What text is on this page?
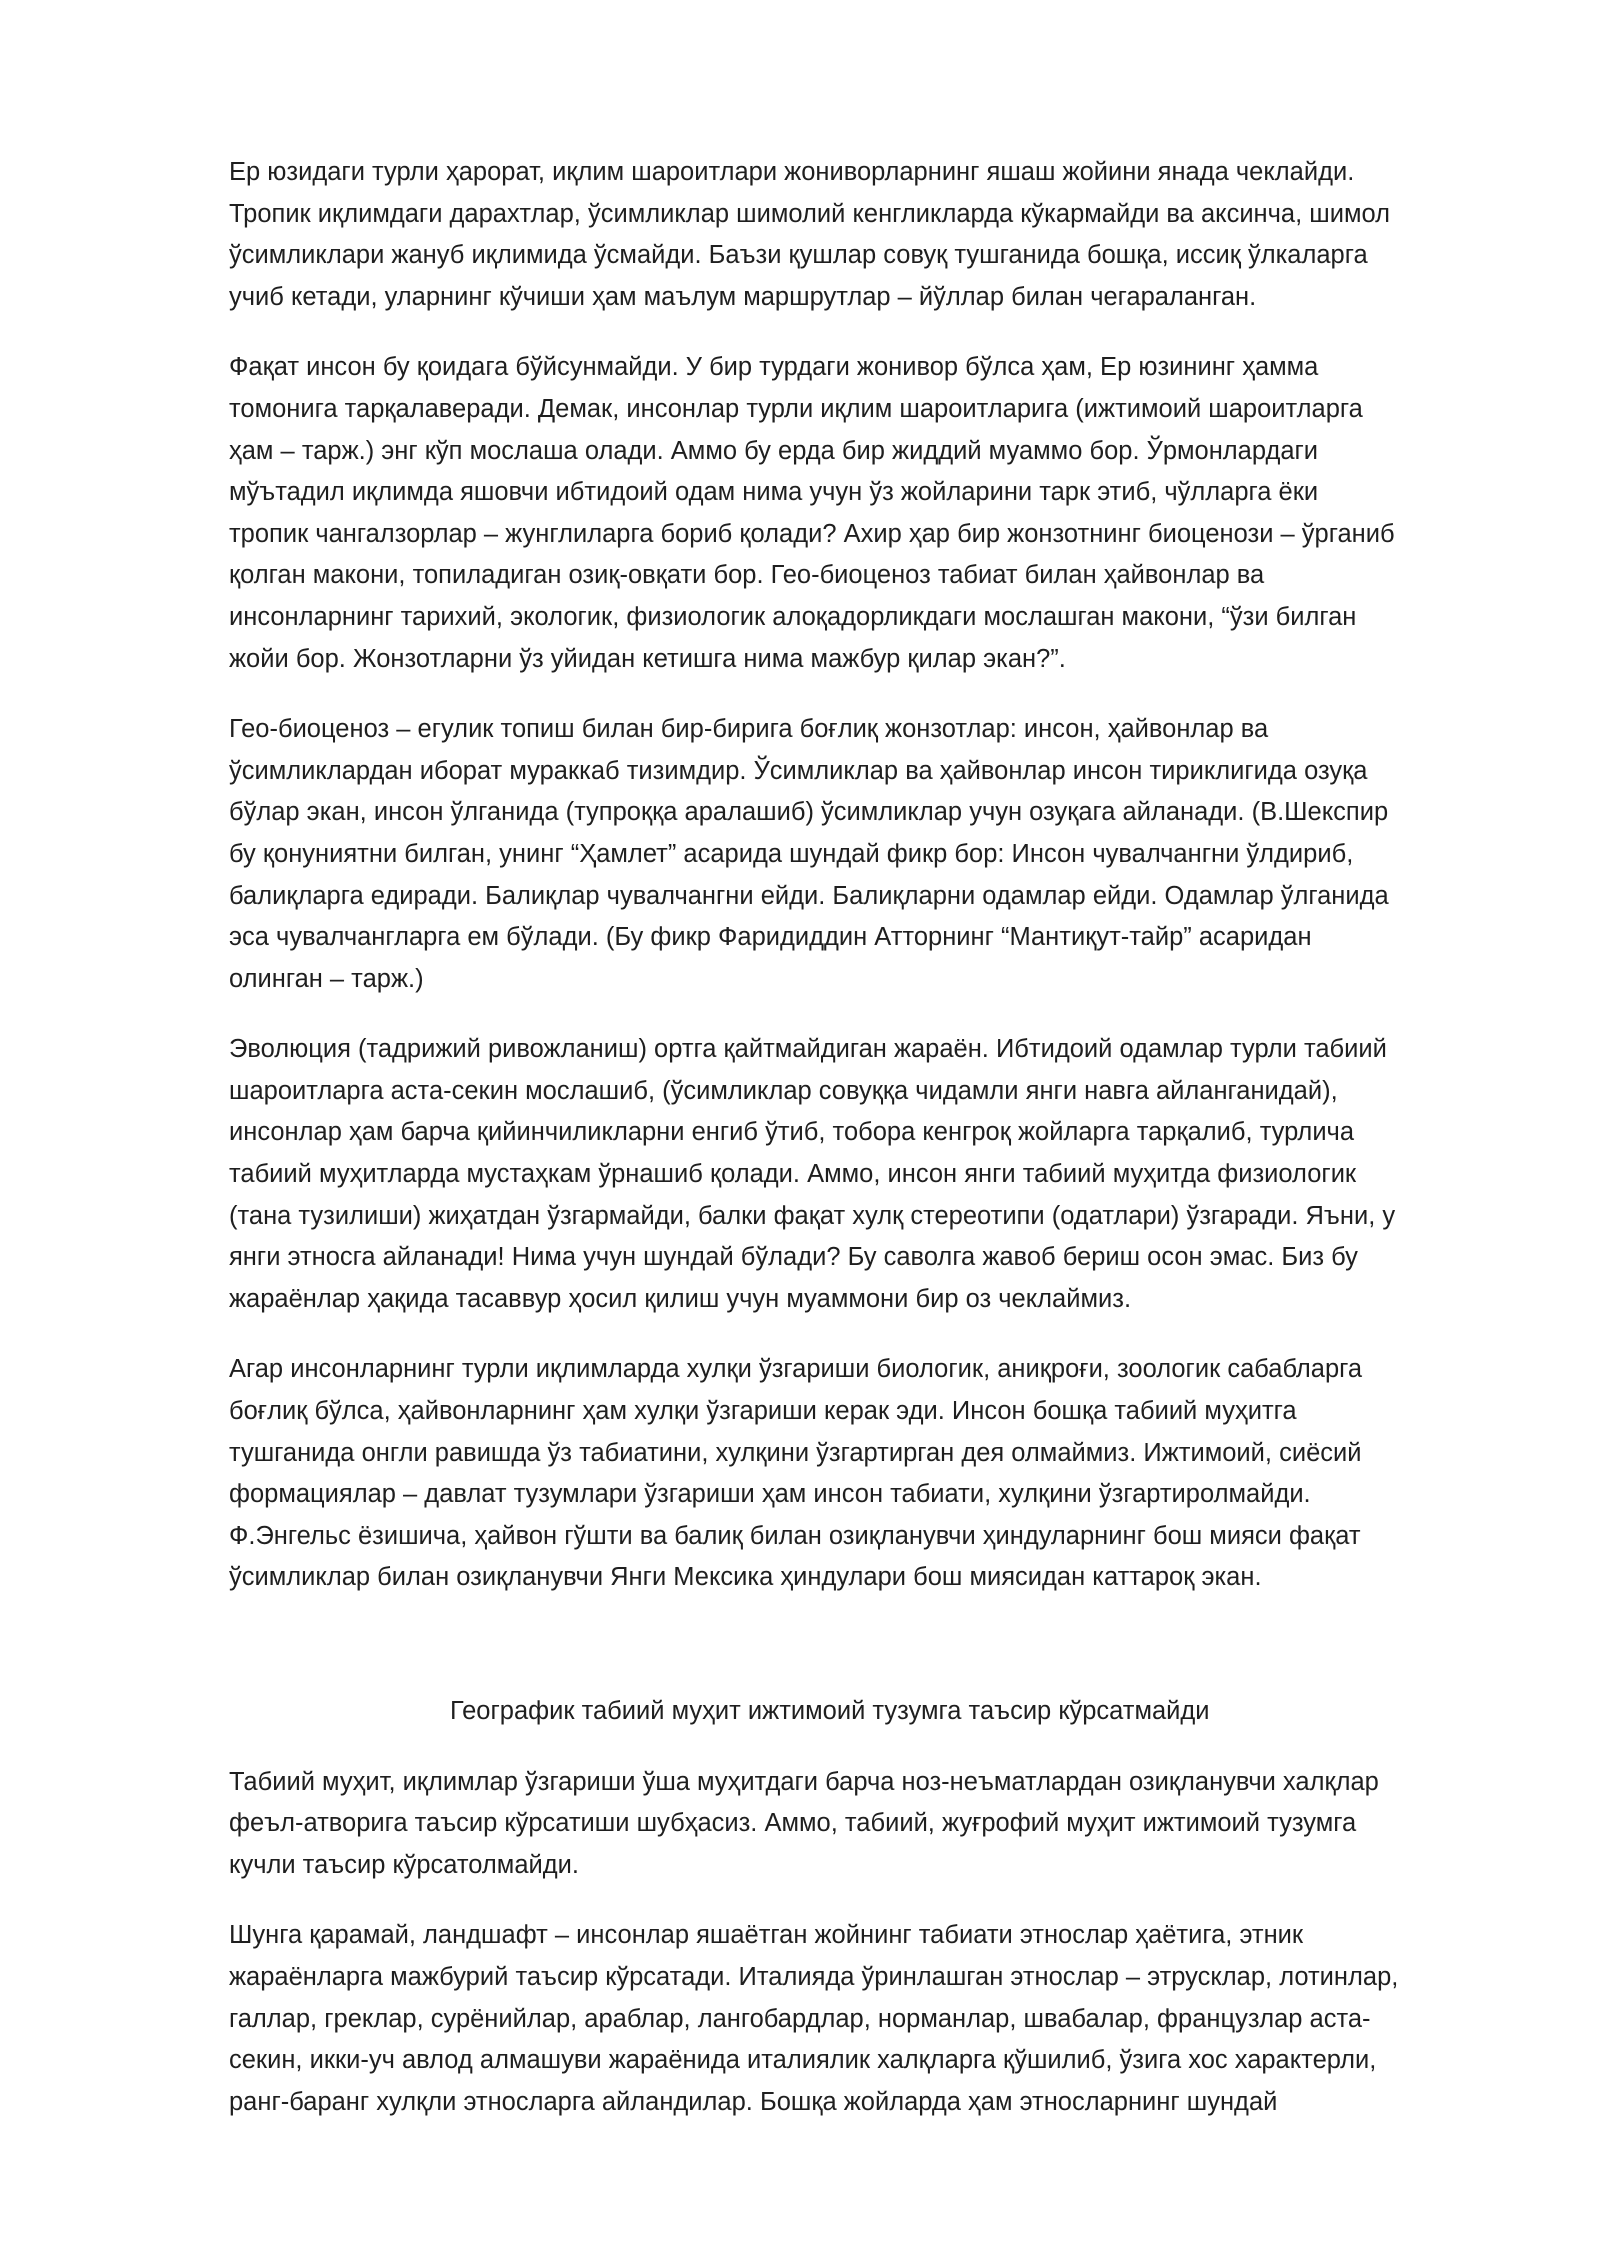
Ер юзидаги турли ҳарорат, иқлим шароитлари жониворларнинг яшаш жойини янада чеклайди.
Тропик иқлимдаги дарахтлар, ўсимликлар шимолий кенгликларда кўкармайди ва аксинча, шимол
ўсимликлари жануб иқлимида ўсмайди. Баъзи қушлар совуқ тушганида бошқа, иссиқ ўлкаларга
учиб кетади, уларнинг кўчиши ҳам маълум маршрутлар – йўллар билан чегараланган.

Фақат инсон бу қоидага бўйсунмайди. У бир турдаги жонивор бўлса ҳам, Ер юзининг ҳамма
томонига тарқалаверади. Демак, инсонлар турли иқлим шароитларига (ижтимоий шароитларга
ҳам – тарж.) энг кўп мослаша олади. Аммо бу ерда бир жиддий муаммо бор. Ўрмонлардаги
мўътадил иқлимда яшовчи ибтидоий одам нима учун ўз жойларини тарк этиб, чўлларга ёки
тропик чангалзорлар – жунглиларга бориб қолади? Ахир ҳар бир жонзотнинг биоценози – ўрганиб
қолган макони, топиладиган озиқ-овқати бор. Гео-биоценоз табиат билан ҳайвонлар ва
инсонларнинг тарихий, экологик, физиологик алоқадорликдаги мослашган макони, “ўзи билган
жойи бор. Жонзотларни ўз уйидан кетишга нима мажбур қилар экан?”.

Гео-биоценоз – егулик топиш билан бир-бирига боғлиқ жонзотлар: инсон, ҳайвонлар ва
ўсимликлардан иборат мураккаб тизимдир. Ўсимликлар ва ҳайвонлар инсон тириклигида озуқа
бўлар экан, инсон ўлганида (тупроққа аралашиб) ўсимликлар учун озуқага айланади. (В.Шекспир
бу қонуниятни билган, унинг “Ҳамлет” асарида шундай фикр бор: Инсон чувалчангни ўлдириб,
балиқларга едиради. Балиқлар чувалчангни ейди. Балиқларни одамлар ейди. Одамлар ўлганида
эса чувалчангларга ем бўлади. (Бу фикр Фаридиддин Атторнинг “Мантиқут-тайр” асаридан
олинган – тарж.)

Эволюция (тадрижий ривожланиш) ортга қайтмайдиган жараён. Ибтидоий одамлар турли табиий
шароитларга аста-секин мослашиб, (ўсимликлар совуққа чидамли янги навга айланганидай),
инсонлар ҳам барча қийинчиликларни енгиб ўтиб, тобора кенгроқ жойларга тарқалиб, турлича
табиий муҳитларда мустаҳкам ўрнашиб қолади. Аммо, инсон янги табиий муҳитда физиологик
(тана тузилиши) жиҳатдан ўзгармайди, балки фақат хулқ стереотипи (одатлари) ўзгаради. Яъни, у
янги этносга айланади! Нима учун шундай бўлади? Бу саволга жавоб бериш осон эмас. Биз бу
жараёнлар ҳақида тасаввур ҳосил қилиш учун муаммони бир оз чеклаймиз.

Агар инсонларнинг турли иқлимларда хулқи ўзгариши биологик, аниқроғи, зоологик сабабларга
боғлиқ бўлса, ҳайвонларнинг ҳам хулқи ўзгариши керак эди. Инсон бошқа табиий муҳитга
тушганида онгли равишда ўз табиатини, хулқини ўзгартирган дея олмаймиз. Ижтимоий, сиёсий
формациялар – давлат тузумлари ўзгариши ҳам инсон табиати, хулқини ўзгартиролмайди.
Ф.Энгельс ёзишича, ҳайвон гўшти ва балиқ билан озиқланувчи ҳиндуларнинг бош мияси фақат
ўсимликлар билан озиқланувчи Янги Мексика ҳиндулари бош миясидан каттароқ экан.

Географик табиий муҳит ижтимоий тузумга таъсир кўрсатмайди

Табиий муҳит, иқлимлар ўзгариши ўша муҳитдаги барча ноз-неъматлардан озиқланувчи халқлар
феъл-атворига таъсир кўрсатиши шубҳасиз. Аммо, табиий, жуғрофий муҳит ижтимоий тузумга
кучли таъсир кўрсатолмайди.

Шунга қарамай, ландшафт – инсонлар яшаётган жойнинг табиати этнослар ҳаётига, этник
жараёнларга мажбурий таъсир кўрсатади. Италияда ўринлашган этнослар – этрусклар, лотинлар,
галлар, греклар, сурёнийлар, араблар, лангобардлар, норманлар, швабалар, французлар аста-
секин, икки-уч авлод алмашуви жараёнида италиялик халқларга қўшилиб, ўзига хос характерли,
ранг-баранг хулқли этносларга айландилар. Бошқа жойларда ҳам этносларнинг шундай
